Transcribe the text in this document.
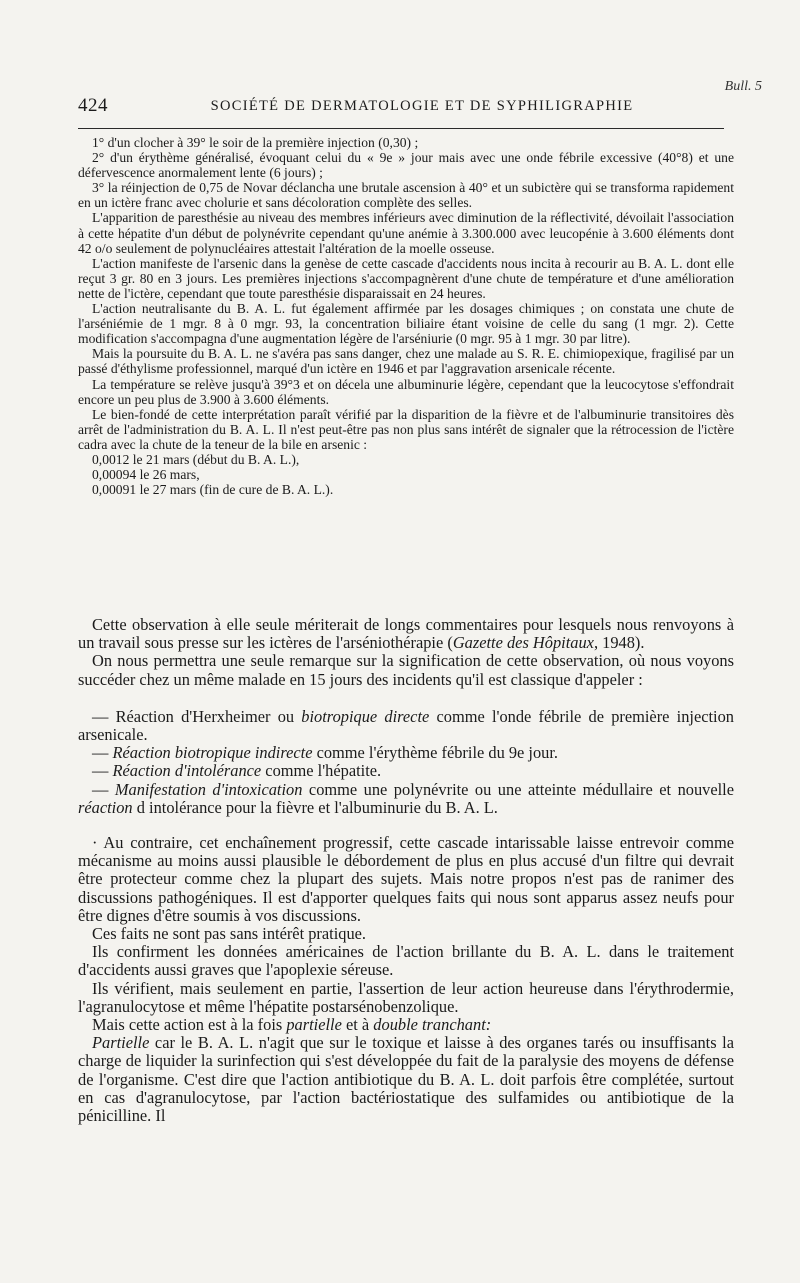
Bull. 5
424	SOCIÉTÉ DE DERMATOLOGIE ET DE SYPHILIGRAPHIE

1° d'un clocher à 39° le soir de la première injection (0,30) ;

2° d'un érythème généralisé, évoquant celui du « 9e » jour mais avec une onde fébrile excessive (40°8) et une défervescence anormalement lente (6 jours) ;

3° la réinjection de 0,75 de Novar déclancha une brutale ascension à 40° et un subictère qui se transforma rapidement en un ictère franc avec cholurie et sans décoloration complète des selles.

L'apparition de paresthésie au niveau des membres inférieurs avec diminution de la réflectivité, dévoilait l'association à cette hépatite d'un début de polynévrite cependant qu'une anémie à 3.300.000 avec leucopénie à 3.600 éléments dont 42 o/o seulement de polynucléaires attestait l'altération de la moelle osseuse.

L'action manifeste de l'arsenic dans la genèse de cette cascade d'accidents nous incita à recourir au B. A. L. dont elle reçut 3 gr. 80 en 3 jours. Les premières injections s'accompagnèrent d'une chute de température et d'une amélioration nette de l'ictère, cependant que toute paresthésie disparaissait en 24 heures.

L'action neutralisante du B. A. L. fut également affirmée par les dosages chimiques ; on constata une chute de l'arséniémie de 1 mgr. 8 à 0 mgr. 93, la concentration biliaire étant voisine de celle du sang (1 mgr. 2). Cette modification s'accompagna d'une augmentation légère de l'arséniurie (0 mgr. 95 à 1 mgr. 30 par litre).

Mais la poursuite du B. A. L. ne s'avéra pas sans danger, chez une malade au S. R. E. chimiopexique, fragilisé par un passé d'éthylisme professionnel, marqué d'un ictère en 1946 et par l'aggravation arsenicale récente.

La température se relève jusqu'à 39°3 et on décela une albuminurie légère, cependant que la leucocytose s'effondrait encore un peu plus de 3.900 à 3.600 éléments.

Le bien-fondé de cette interprétation paraît vérifié par la disparition de la fièvre et de l'albuminurie transitoires dès arrêt de l'administration du B. A. L. Il n'est peut-être pas non plus sans intérêt de signaler que la rétrocession de l'ictère cadra avec la chute de la teneur de la bile en arsenic :

0,0012 le 21 mars (début du B. A. L.),

0,00094 le 26 mars,

0,00091 le 27 mars (fin de cure de B. A. L.).

Cette observation à elle seule mériterait de longs commentaires pour lesquels nous renvoyons à un travail sous presse sur les ictères de l'arséniothérapie (Gazette des Hôpitaux, 1948).

On nous permettra une seule remarque sur la signification de cette observation, où nous voyons succéder chez un même malade en 15 jours des incidents qu'il est classique d'appeler :

— Réaction d'Herxheimer ou biotropique directe comme l'onde fébrile de première injection arsenicale.

— Réaction biotropique indirecte comme l'érythème fébrile du 9e jour.

— Réaction d'intolérance comme l'hépatite.

— Manifestation d'intoxication comme une polynévrite ou une atteinte médullaire et nouvelle réaction d intolérance pour la fièvre et l'albuminurie du B. A. L.

· Au contraire, cet enchaînement progressif, cette cascade intarissable laisse entrevoir comme mécanisme au moins aussi plausible le débordement de plus en plus accusé d'un filtre qui devrait être protecteur comme chez la plupart des sujets. Mais notre propos n'est pas de ranimer des discussions pathogéniques. Il est d'apporter quelques faits qui nous sont apparus assez neufs pour être dignes d'être soumis à vos discussions.

Ces faits ne sont pas sans intérêt pratique.

Ils confirment les données américaines de l'action brillante du B. A. L. dans le traitement d'accidents aussi graves que l'apoplexie séreuse.

Ils vérifient, mais seulement en partie, l'assertion de leur action heureuse dans l'érythrodermie, l'agranulocytose et même l'hépatite postarsénobenzolique.

Mais cette action est à la fois partielle et à double tranchant:

Partielle car le B. A. L. n'agit que sur le toxique et laisse à des organes tarés ou insuffisants la charge de liquider la surinfection qui s'est développée du fait de la paralysie des moyens de défense de l'organisme. C'est dire que l'action antibiotique du B. A. L. doit parfois être complétée, surtout en cas d'agranulocytose, par l'action bactériostatique des sulfamides ou antibiotique de la pénicilline. Il
